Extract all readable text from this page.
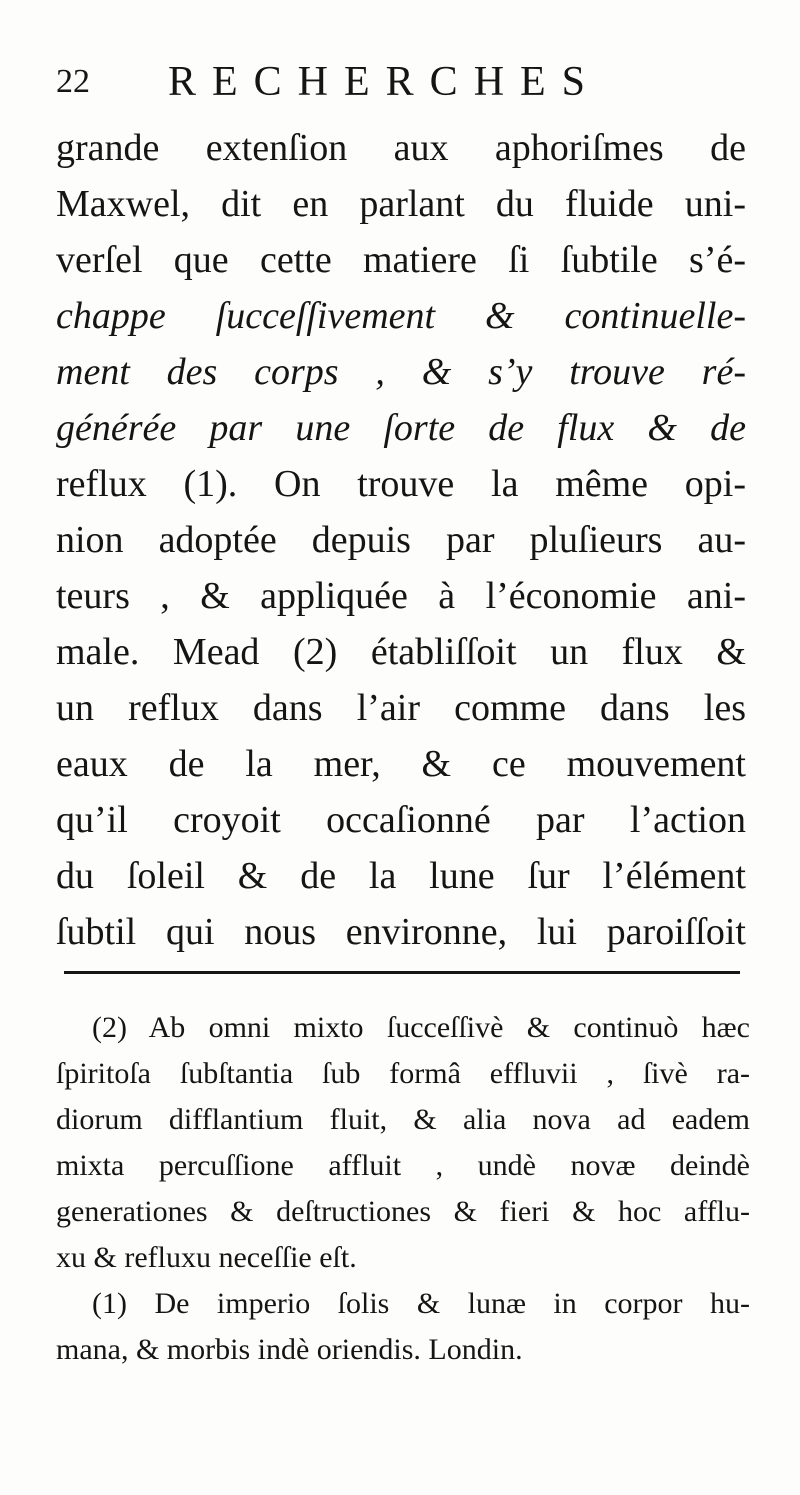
22 RECHERCHES
grande extenſion aux aphoriſmes de
Maxwel, dit en parlant du fluide uni-
verſel que cette matiere ſi ſubtile s’é-
chappe ſucceſſivement & continuelle-
ment des corps , & s’y trouve ré-
générée par une ſorte de flux & de
reflux (1). On trouve la même opi-
nion adoptée depuis par pluſieurs au-
teurs , & appliquée à l’économie ani-
male. Mead (2) établiſſoit un flux &
un reflux dans l’air comme dans les
eaux de la mer, & ce mouvement
qu’il croyoit occaſionné par l’action
du ſoleil & de la lune ſur l’élément
ſubtil qui nous environne, lui paroiſſoit
(2) Ab omni mixto ſucceſſivè & continuò hæc
ſpiritoſa ſubſtantia ſub formâ effluvii , ſivè ra-
diorum difflantium fluit, & alia nova ad eadem
mixta percuſſione affluit , undè novæ deindè
generationes & deſtructiones & fieri & hoc afflu-
xu & refluxu neceſſie eſt.
(1) De imperio ſolis & lunæ in corpor hu-
mana, & morbis indè oriendis. Londin.
